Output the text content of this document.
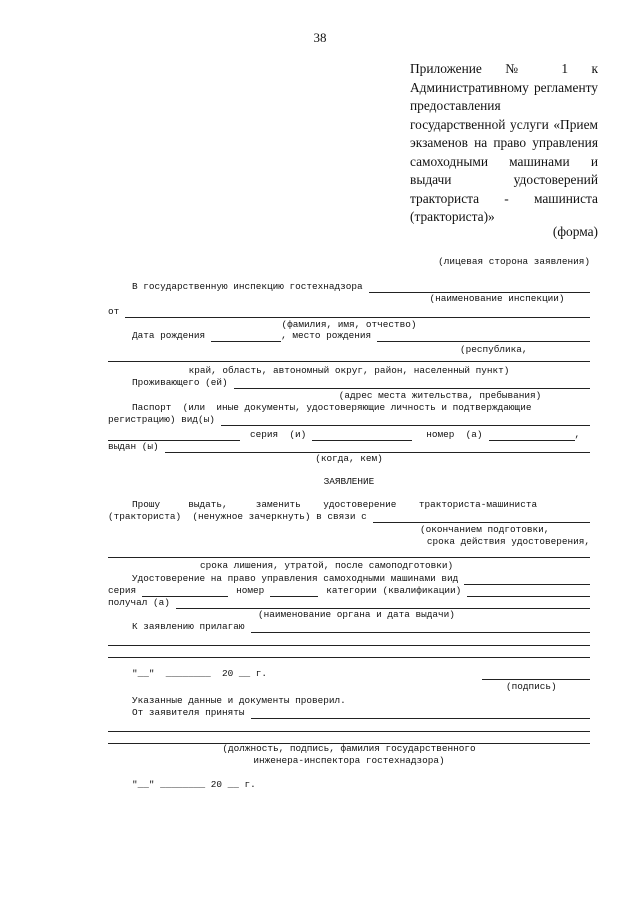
38
Приложение № 1 к Административному регламенту предоставления государственной услуги «Прием экзаменов на право управления самоходными машинами и выдачи удостоверений тракториста - машиниста (тракториста)»
(форма)

(лицевая сторона заявления)

В государственную инспекцию гостехнадзора

(наименование инспекции)

от

(фамилия, имя, отчество)

Дата рождения	, место рождения

(республика,

край, область, автономный округ, район, населенный пункт)

Проживающего (ей)

(адрес места жительства, пребывания)

Паспорт  (или  иные документы, удостоверяющие личность и подтверждающие

регистрацию) вид(ы)

серия  (и)	номер  (а)	,

выдан (ы)

(когда, кем)

ЗАЯВЛЕНИЕ

Прошу     выдать,     заменить    удостоверение    тракториста-машиниста

(тракториста)  (ненужное зачеркнуть) в связи с

(окончанием подготовки,

срока действия удостоверения,

срока лишения, утратой, после самоподготовки)

Удостоверение на право управления самоходными машинами вид

серия	номер	категории (квалификации)

получал (а)

(наименование органа и дата выдачи)

К заявлению прилагаю

"__"  ________  20 __ г.

(подпись)

Указанные данные и документы проверил.

От заявителя приняты

(должность, подпись, фамилия государственного

инженера-инспектора гостехнадзора)

"__" ________ 20 __ г.
